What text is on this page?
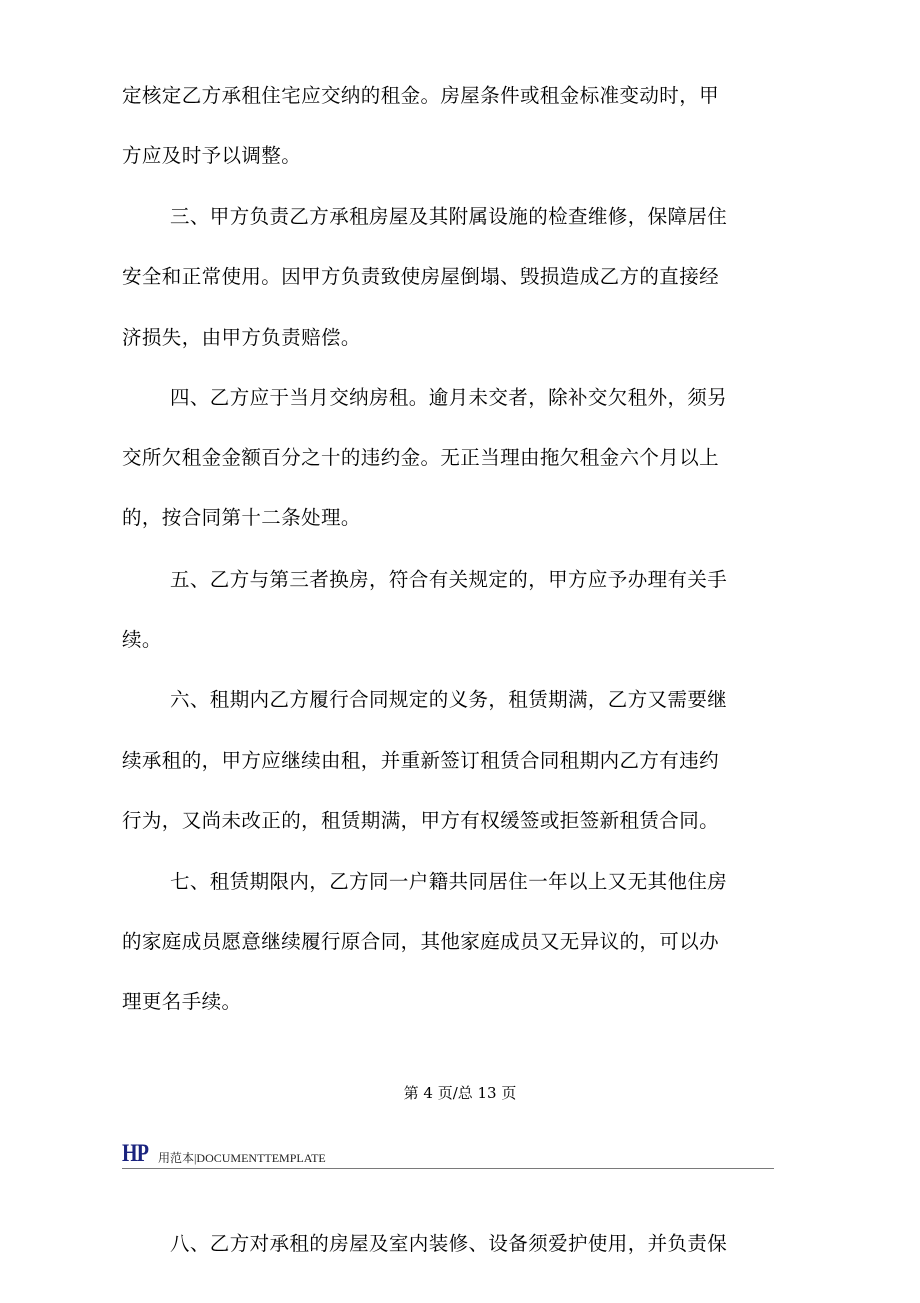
定核定乙方承租住宅应交纳的租金。房屋条件或租金标准变动时，甲
方应及时予以调整。
三、甲方负责乙方承租房屋及其附属设施的检查维修，保障居住
安全和正常使用。因甲方负责致使房屋倒塌、毁损造成乙方的直接经
济损失，由甲方负责赔偿。
四、乙方应于当月交纳房租。逾月未交者，除补交欠租外，须另
交所欠租金金额百分之十的违约金。无正当理由拖欠租金六个月以上
的，按合同第十二条处理。
五、乙方与第三者换房，符合有关规定的，甲方应予办理有关手
续。
六、租期内乙方履行合同规定的义务，租赁期满，乙方又需要继
续承租的，甲方应继续由租，并重新签订租赁合同租期内乙方有违约
行为，又尚未改正的，租赁期满，甲方有权缓签或拒签新租赁合同。
七、租赁期限内，乙方同一户籍共同居住一年以上又无其他住房
的家庭成员愿意继续履行原合同，其他家庭成员又无异议的，可以办
理更名手续。
第 4 页/总 13 页
HP 用范本|DOCUMENTTEMPLATE
八、乙方对承租的房屋及室内装修、设备须爱护使用，并负责保
